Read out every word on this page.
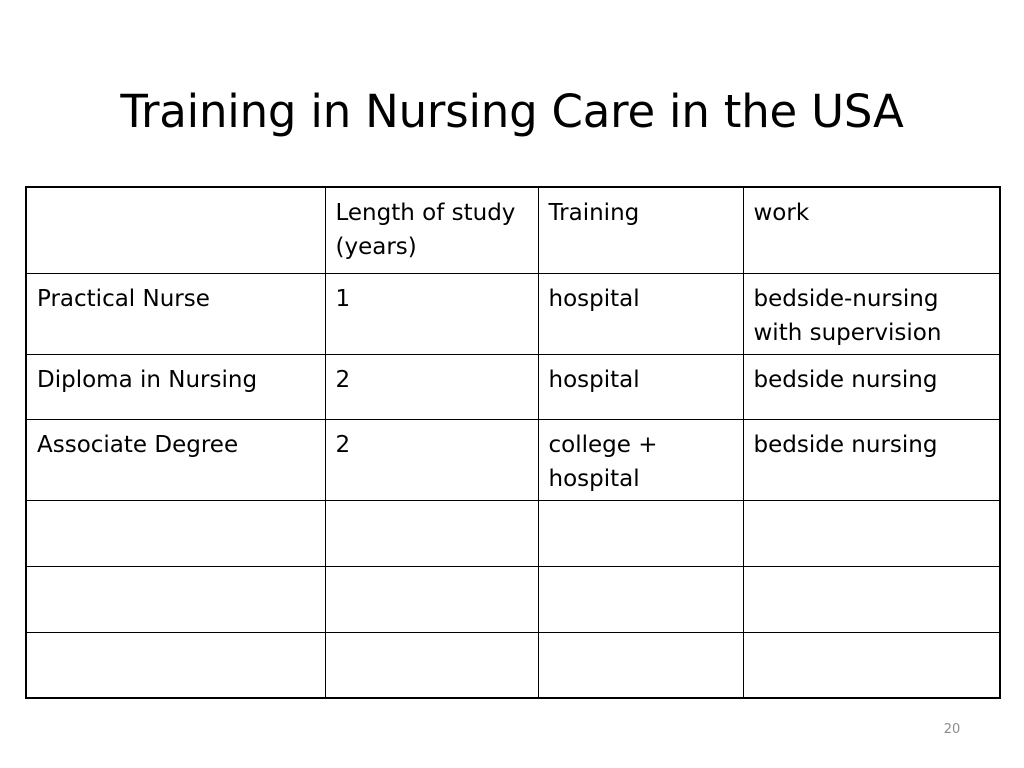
Training in Nursing Care in the USA
	Length of study (years)	Training	work
Practical Nurse	1	hospital	bedside-nursing with supervision
Diploma in Nursing	2	hospital	bedside nursing
Associate Degree	2	college + hospital	bedside nursing

20
